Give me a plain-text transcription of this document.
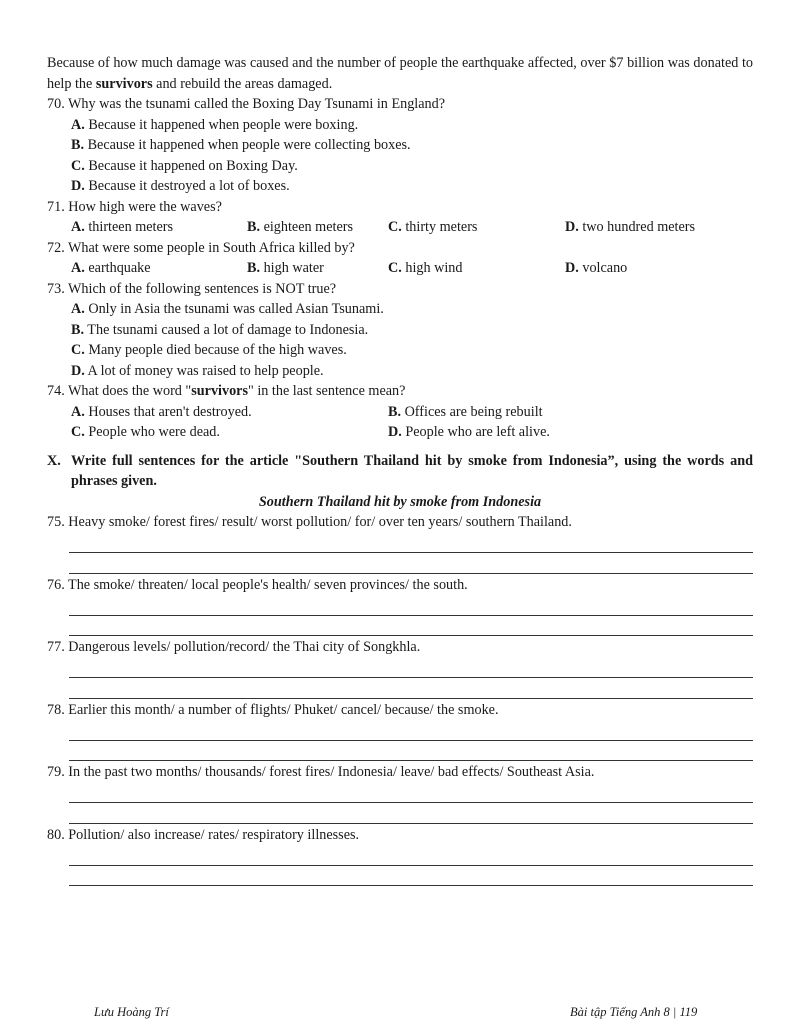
Because of how much damage was caused and the number of people the earthquake affected, over $7 billion was donated to help the survivors and rebuild the areas damaged.

70. Why was the tsunami called the Boxing Day Tsunami in England?

A. Because it happened when people were boxing.
B. Because it happened when people were collecting boxes.
C. Because it happened on Boxing Day.
D. Because it destroyed a lot of boxes.

71. How high were the waves?

A. thirteen meters	B. eighteen meters	C. thirty meters	D. two hundred meters

72. What were some people in South Africa killed by?

A. earthquake	B. high water	C. high wind	D. volcano

73. Which of the following sentences is NOT true?

A. Only in Asia the tsunami was called Asian Tsunami.
B. The tsunami caused a lot of damage to Indonesia.
C. Many people died because of the high waves.
D. A lot of money was raised to help people.

74. What does the word "survivors" in the last sentence mean?

A. Houses that aren't destroyed.	B. Offices are being rebuilt
C. People who were dead.	D. People who are left alive.
X. Write full sentences for the article "Southern Thailand hit by smoke from Indonesia”, using the words and phrases given.
Southern Thailand hit by smoke from Indonesia

75. Heavy smoke/ forest fires/ result/ worst pollution/ for/ over ten years/ southern Thailand.

76. The smoke/ threaten/ local people's health/ seven provinces/ the south.

77. Dangerous levels/ pollution/record/ the Thai city of Songkhla.

78. Earlier this month/ a number of flights/ Phuket/ cancel/ because/ the smoke.

79. In the past two months/ thousands/ forest fires/ Indonesia/ leave/ bad effects/ Southeast Asia.

80. Pollution/ also increase/ rates/ respiratory illnesses.

Lưu Hoàng Trí	Bài tập Tiếng Anh 8 | 119
